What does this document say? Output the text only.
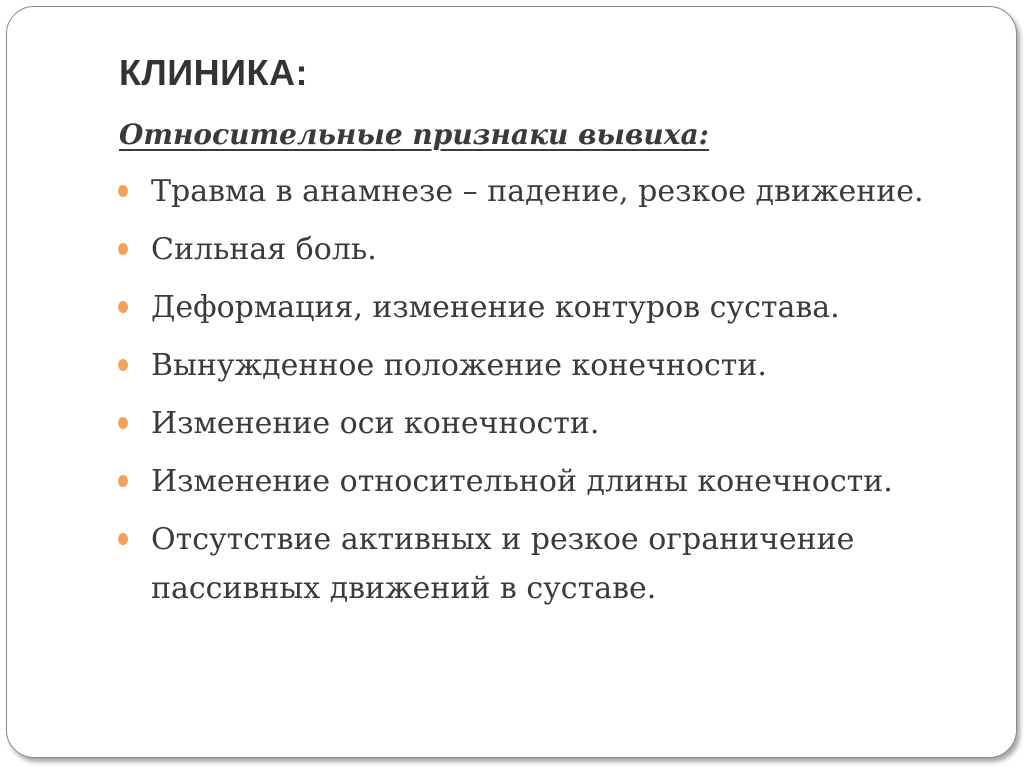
КЛИНИКА:
Относительные признаки вывиха:
Травма в анамнезе – падение, резкое движение.
Сильная боль.
Деформация, изменение контуров сустава.
Вынужденное положение конечности.
Изменение оси конечности.
Изменение относительной длины конечности.
Отсутствие активных и резкое ограничение пассивных движений в суставе.
